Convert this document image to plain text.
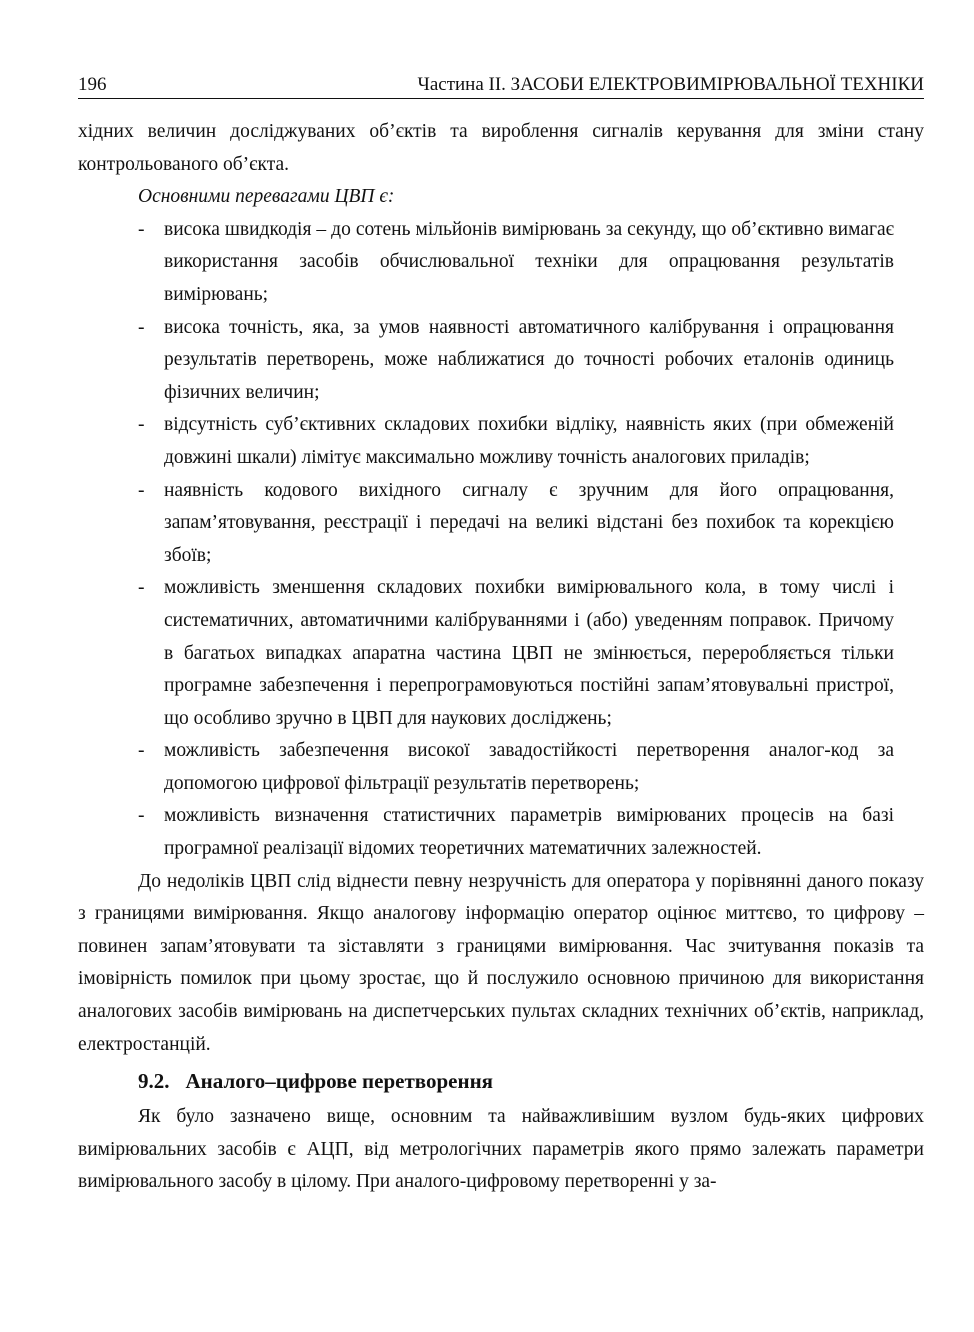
196	Частина II. ЗАСОБИ ЕЛЕКТРОВИМІРЮВАЛЬНОЇ ТЕХНІКИ

хідних величин досліджуваних об’єктів та вироблення сигналів керування для зміни стану контрольованого об’єкта.

Основними перевагами ЦВП є:

- висока швидкодія – до сотень мільйонів вимірювань за секунду, що об’єктивно вимагає використання засобів обчислювальної техніки для опрацювання результатів вимірювань;
- висока точність, яка, за умов наявності автоматичного калібрування і опрацювання результатів перетворень, може наближатися до точності робочих еталонів одиниць фізичних величин;
- відсутність суб’єктивних складових похибки відліку, наявність яких (при обмеженій довжині шкали) лімітує максимально можливу точність аналогових приладів;
- наявність кодового вихідного сигналу є зручним для його опрацювання, запам’ятовування, реєстрації і передачі на великі відстані без похибок та корекцією збоїв;
- можливість зменшення складових похибки вимірювального кола, в тому числі і систематичних, автоматичними калібруваннями і (або) уведенням поправок. Причому в багатьох випадках апаратна частина ЦВП не змінюється, переробляється тільки програмне забезпечення і перепрограмовуються постійні запам’ятовувальні пристрої, що особливо зручно в ЦВП для наукових досліджень;
- можливість забезпечення високої завадостійкості перетворення аналог-код за допомогою цифрової фільтрації результатів перетворень;
- можливість визначення статистичних параметрів вимірюваних процесів на базі програмної реалізації відомих теоретичних математичних залежностей.

До недоліків ЦВП слід віднести певну незручність для оператора у порівнянні даного показу з границями вимірювання. Якщо аналогову інформацію оператор оцінює миттєво, то цифрову – повинен запам’ятовувати та зіставляти з границями вимірювання. Час зчитування показів та імовірність помилок при цьому зростає, що й послужило основною причиною для використання аналогових засобів вимірювань на диспетчерських пультах складних технічних об’єктів, наприклад, електростанцій.

9.2. Аналого–цифрове перетворення

Як було зазначено вище, основним та найважливішим вузлом будь-яких цифрових вимірювальних засобів є АЦП, від метрологічних параметрів якого прямо залежать параметри вимірювального засобу в цілому. При аналого-цифровому перетворенні у за-
